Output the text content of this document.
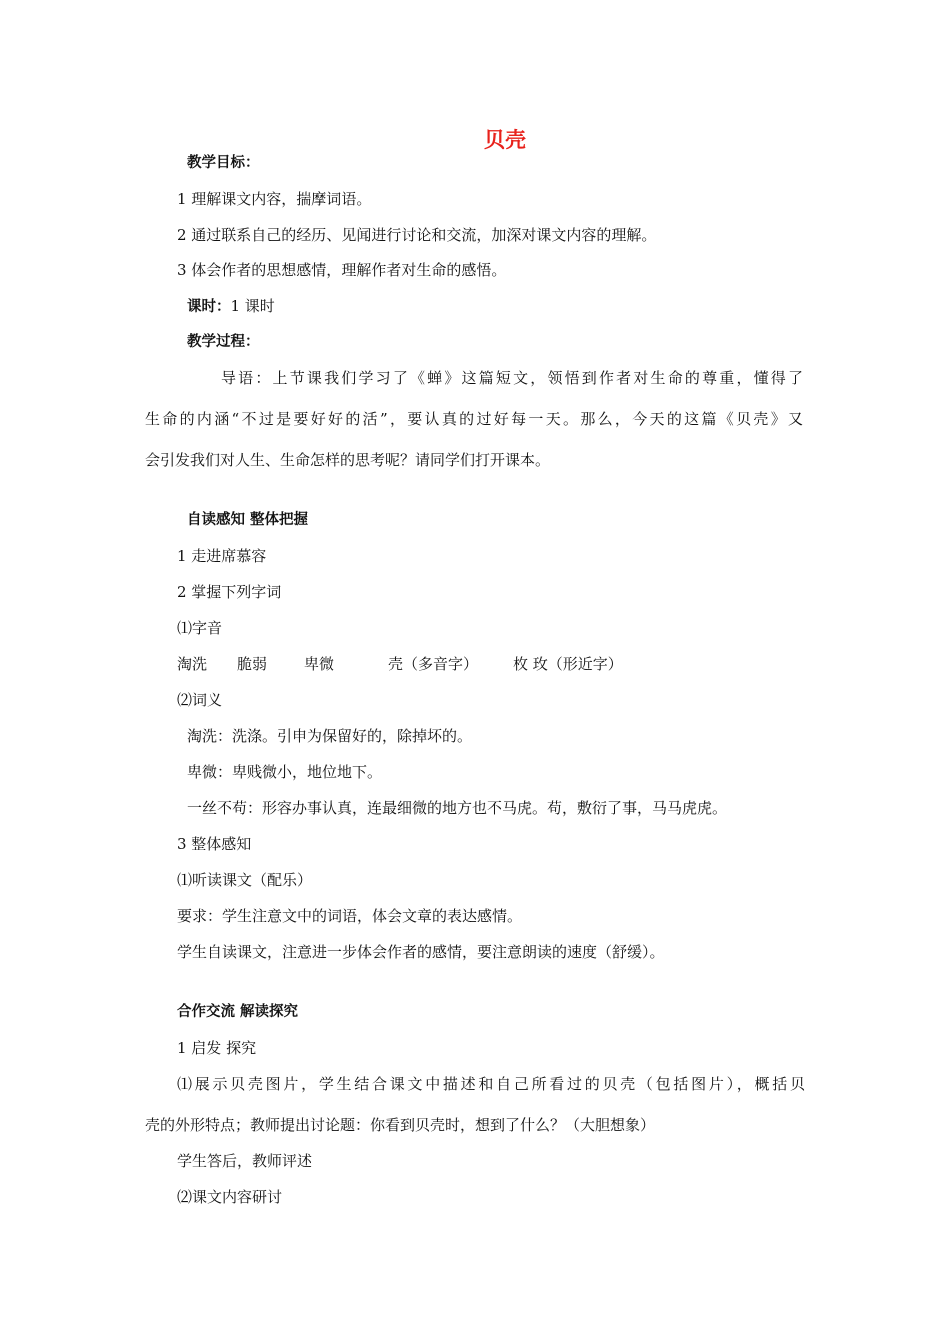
贝壳
教学目标：
1 理解课文内容，揣摩词语。
2 通过联系自己的经历、见闻进行讨论和交流，加深对课文内容的理解。
3 体会作者的思想感情，理解作者对生命的感悟。
课时：1 课时
教学过程：
导语：上节课我们学习了《蝉》这篇短文，领悟到作者对生命的尊重，懂得了
生命的内涵“不过是要好好的活”，要认真的过好每一天。那么，今天的这篇《贝壳》又
会引发我们对人生、生命怎样的思考呢？请同学们打开课本。
自读感知 整体把握
1 走进席慕容
2 掌握下列字词
⑴字音
淘洗 脆弱 卑微	壳（多音字） 枚 玫（形近字）
⑵词义
淘洗：洗涤。引申为保留好的，除掉坏的。
卑微：卑贱微小，地位地下。
一丝不苟：形容办事认真，连最细微的地方也不马虎。苟，敷衍了事，马马虎虎。
3 整体感知
⑴听读课文（配乐）
要求：学生注意文中的词语，体会文章的表达感情。
学生自读课文，注意进一步体会作者的感情，要注意朗读的速度（舒缓）。
合作交流 解读探究
1 启发 探究
⑴展示贝壳图片，学生结合课文中描述和自己所看过的贝壳（包括图片），概括贝
壳的外形特点；教师提出讨论题：你看到贝壳时，想到了什么？（大胆想象）
学生答后，教师评述
⑵课文内容研讨
